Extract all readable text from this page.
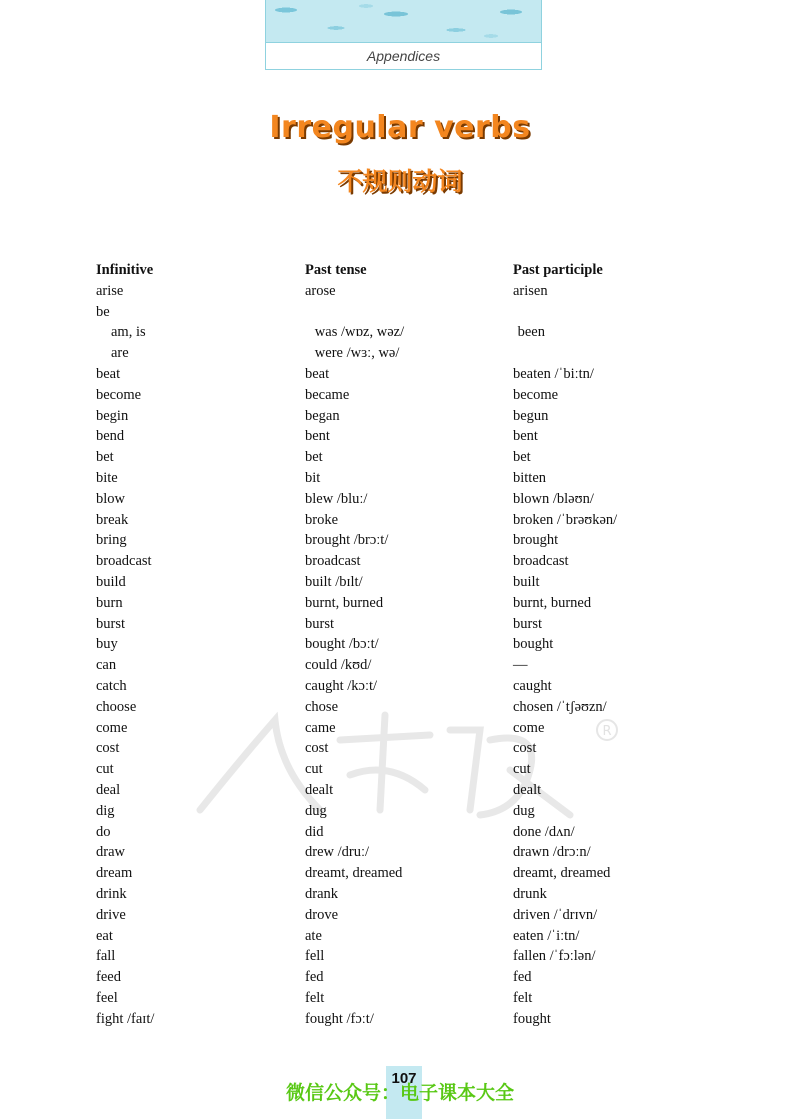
Appendices
Irregular verbs
不规则动词
R
Infinitive	Past tense	Past participle
arise	arose	arisen
be
am, is	was /wɒz, wəz/	been
are	were /wɜː, wə/
beat	beat	beaten /ˈbiːtn/
become	became	become
begin	began	begun
bend	bent	bent
bet	bet	bet
bite	bit	bitten
blow	blew /bluː/	blown /bləʊn/
break	broke	broken /ˈbrəʊkən/
bring	brought /brɔːt/	brought
broadcast	broadcast	broadcast
build	built /bɪlt/	built
burn	burnt, burned	burnt, burned
burst	burst	burst
buy	bought /bɔːt/	bought
can	could /kʊd/	—
catch	caught /kɔːt/	caught
choose	chose	chosen /ˈtʃəʊzn/
come	came	come
cost	cost	cost
cut	cut	cut
deal	dealt	dealt
dig	dug	dug
do	did	done /dʌn/
draw	drew /druː/	drawn /drɔːn/
dream	dreamt, dreamed	dreamt, dreamed
drink	drank	drunk
drive	drove	driven /ˈdrɪvn/
eat	ate	eaten /ˈiːtn/
fall	fell	fallen /ˈfɔːlən/
feed	fed	fed
feel	felt	felt
fight /faɪt/	fought /fɔːt/	fought
107
微信公众号：电子课本大全
